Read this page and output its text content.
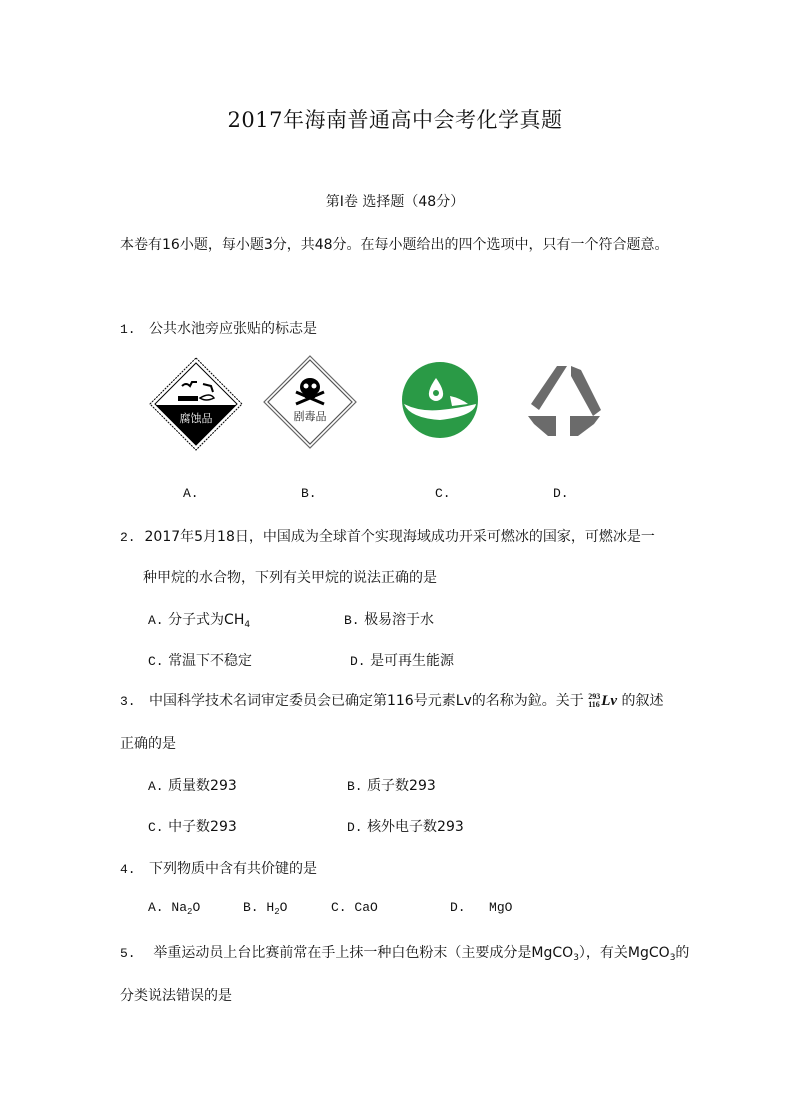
2017年海南普通高中会考化学真题
第Ⅰ卷 选择题（48分）
本卷有16小题，每小题3分，共48分。在每小题给出的四个选项中，只有一个符合题意。
1. 公共水池旁应张贴的标志是
腐蚀品	剧毒品
A.	B.	C.	D.
2. 2017年5月18日，中国成为全球首个实现海域成功开采可燃冰的国家，可燃冰是一
种甲烷的水合物，下列有关甲烷的说法正确的是
A. 分子式为$CH_4$	B. 极易溶于水
C. 常温下不稳定	D. 是可再生能源
3. 中国科学技术名词审定委员会已确定第116号元素Lv的名称为鉝。关于 293
116 Lv 的叙述
正确的是
A. 质量数293	B. 质子数293
C. 中子数293	D. 核外电子数293
4. 下列物质中含有共价键的是
A. $Na_2O$	B. $H_2O$	C. CaO	D. MgO
5. 举重运动员上台比赛前常在手上抹一种白色粉末（主要成分是MgCO$_3$），有关MgCO$_3$的
分类说法错误的是
